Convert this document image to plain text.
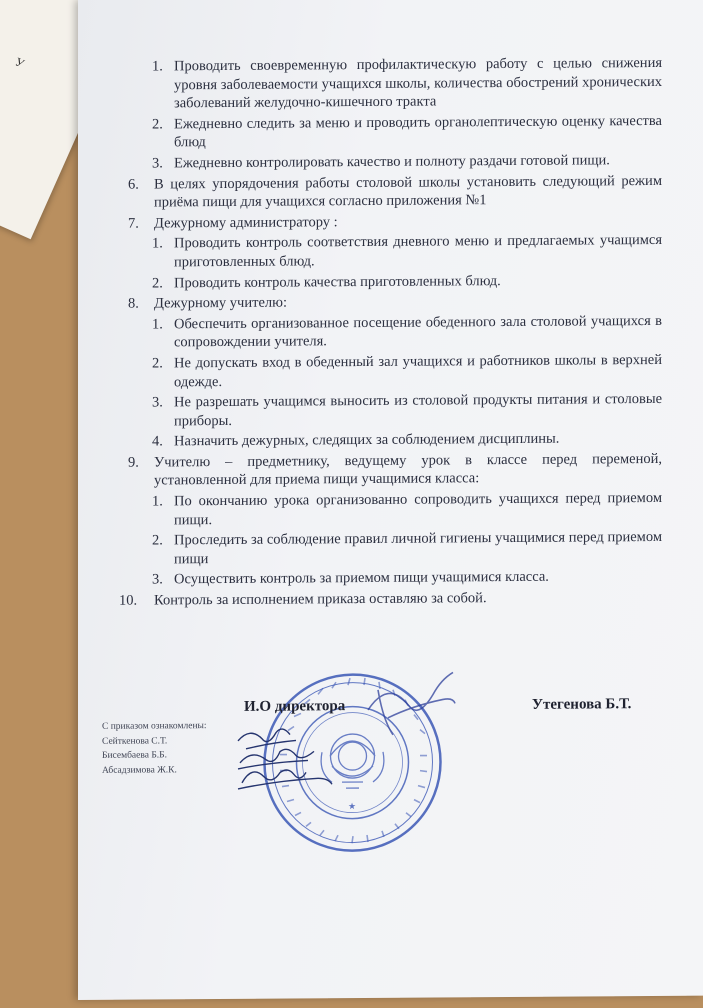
У	1. Проводить своевременную профилактическую работу с целью снижения уровня заболеваемости учащихся школы, количества обострений хронических заболеваний желудочно-кишечного тракта
2. Ежедневно следить за меню и проводить органолептическую оценку качества блюд
3. Ежедневно контролировать качество и полноту раздачи готовой пищи.
6. В целях упорядочения работы столовой школы установить следующий режим приёма пищи для учащихся согласно приложения №1
7. Дежурному администратору :
1. Проводить контроль соответствия дневного меню и предлагаемых учащимся приготовленных блюд.
2. Проводить контроль качества приготовленных блюд.
8. Дежурному учителю:
1. Обеспечить организованное посещение обеденного зала столовой учащихся в сопровождении учителя.
2. Не допускать вход в обеденный зал учащихся и работников школы в верхней одежде.
3. Не разрешать учащимся выносить из столовой продукты питания и столовые приборы.
4. Назначить дежурных, следящих за соблюдением дисциплины.
9. Учителю – предметнику, ведущему урок в классе перед переменой, установленной для приема пищи учащимися класса:
1. По окончанию урока организованно сопроводить учащихся перед приемом пищи.
2. Проследить за соблюдение правил личной гигиены учащимися перед приемом пищи
3. Осуществить контроль за приемом пищи учащимися класса.
10. Контроль за исполнением приказа оставляю за собой.
★
И.О директора	Утегенова Б.Т.
С приказом ознакомлены:
Сейткенова С.Т.
Бисембаева Б.Б.
Абсадзимова Ж.К.
